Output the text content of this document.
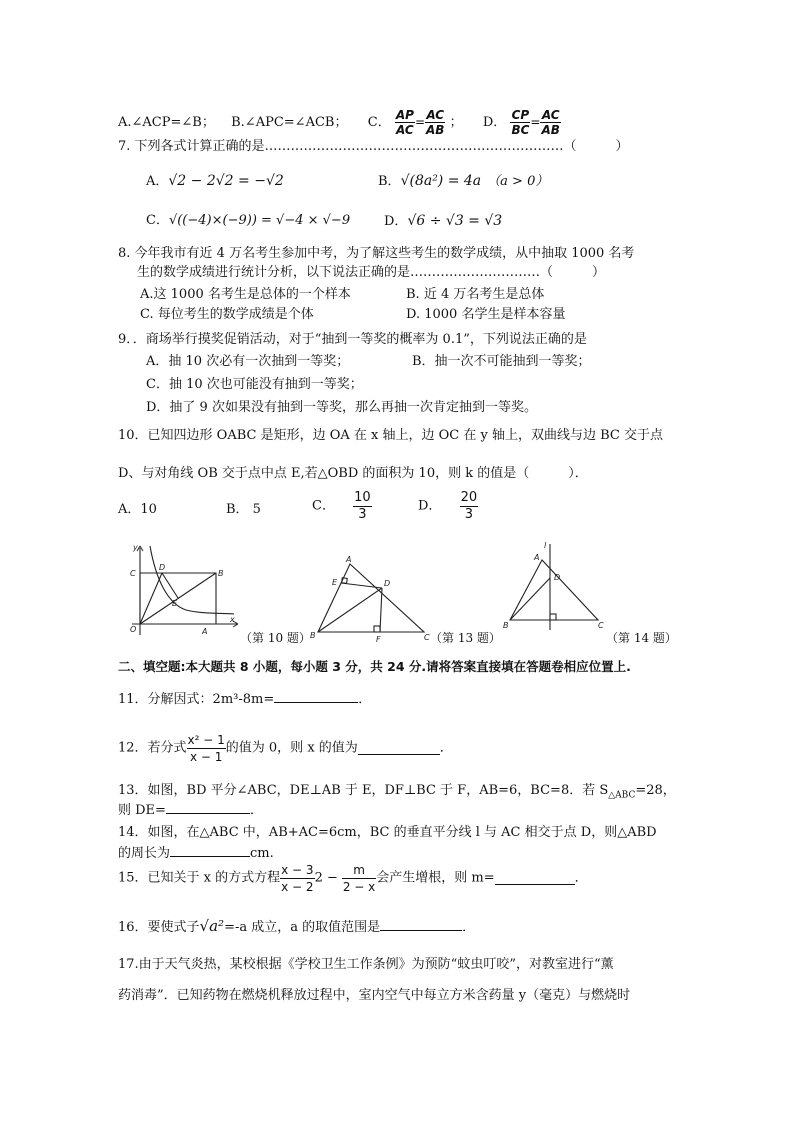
A.∠ACP=∠B； B.∠APC=∠ACB； C． $\frac{AP}{AC} = \frac{AC}{AB}$ ； D． $\frac{CP}{BC} = \frac{AC}{AB}$
7. 下列各式计算正确的是……………………………………………………………（　　　）
A．√2 − 2√2 = −√2	B．√(8a²) = 4a （a > 0）
C．√((−4)×(−9)) = √−4 × √−9	D．√6 ÷ √3 = √3
8. 今年我市有近 4 万名考生参加中考，为了解这些考生的数学成绩，从中抽取 1000 名考
生的数学成绩进行统计分析，以下说法正确的是…………………………（　　　）
A.这 1000 名考生是总体的一个样本	B. 近 4 万名考生是总体
C. 每位考生的数学成绩是个体	D. 1000 名学生是样本容量
9．．商场举行摸奖促销活动，对于“抽到一等奖的概率为 0.1”，下列说法正确的是
A．抽 10 次必有一次抽到一等奖；	B．抽一次不可能抽到一等奖；
C．抽 10 次也可能没有抽到一等奖；
D．抽了 9 次如果没有抽到一等奖，那么再抽一次肯定抽到一等奖。
10．已知四边形 OABC 是矩形，边 OA 在 x 轴上，边 OC 在 y 轴上，双曲线与边 BC 交于点
D、与对角线 OB 交于点中点 E,若△OBD 的面积为 10，则 k 的值是（　　　）．
A．10	B． 5	C． $\frac{10}{3}$	D． $\frac{20}{3}$
y
C
D
B
E
O	A
x
（第 10 题）
A
E	D
B	F	C （第 13 题）
l
A
D
B	C
（第 14 题）
二、填空题:本大题共 8 小题，每小题 3 分，共 24 分.请将答案直接填在答题卷相应位置上.
11．分解因式：2m³-8m=	．
12．若分式 $\frac{\text{x² − 1}}{x - 1}$ 的值为 0，则 x 的值为	．
13．如图，BD 平分∠ABC，DE⊥AB 于 E，DF⊥BC 于 F，AB=6，BC=8．若 $S_{\triangle ABC}=28$，
则 DE=	．
14．如图，在△ABC 中，AB+AC=6cm，BC 的垂直平分线 l 与 AC 相交于点 D，则△ABD
的周长为	cm.
15．已知关于 x 的方式方程 $\frac{x - 3}{x - 2} 2 - \frac{m}{2 - x}$ 会产生增根，则 m=	．
16．要使式子√a²=-a 成立，a 的取值范围是	．
17.由于天气炎热，某校根据《学校卫生工作条例》为预防“蚊虫叮咬”，对教室进行“薰
药消毒”．已知药物在燃烧机释放过程中，室内空气中每立方米含药量 y（毫克）与燃烧时
